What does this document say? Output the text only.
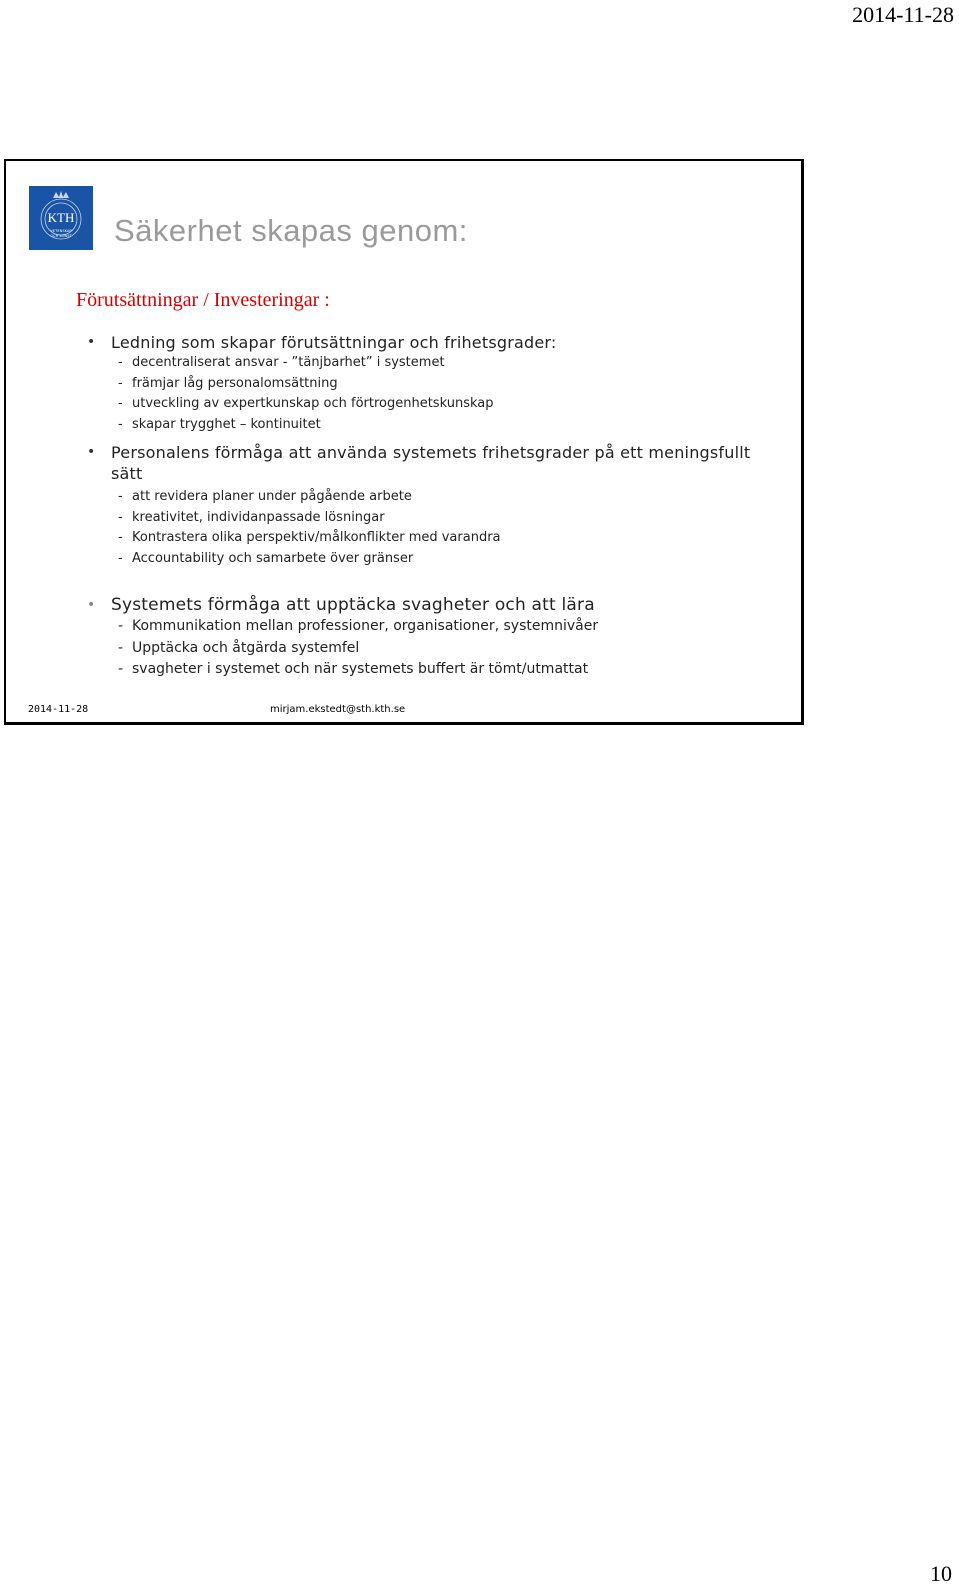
2014-11-28
KTH
VETENSKAP
OCH KONST Säkerhet skapas genom:
Förutsättningar / Investeringar :
• Ledning som skapar förutsättningar och frihetsgrader:
- decentraliserat ansvar - ”tänjbarhet” i systemet
- främjar låg personalomsättning
- utveckling av expertkunskap och förtrogenhetskunskap
- skapar trygghet – kontinuitet
• Personalens förmåga att använda systemets frihetsgrader på ett meningsfullt sätt
- att revidera planer under pågående arbete
- kreativitet, individanpassade lösningar
- Kontrastera olika perspektiv/målkonflikter med varandra
- Accountability och samarbete över gränser
• Systemets förmåga att upptäcka svagheter och att lära
- Kommunikation mellan professioner, organisationer, systemnivåer
- Upptäcka och åtgärda systemfel
- svagheter i systemet och när systemets buffert är tömt/utmattat
2014-11-28	mirjam.ekstedt@sth.kth.se
10
